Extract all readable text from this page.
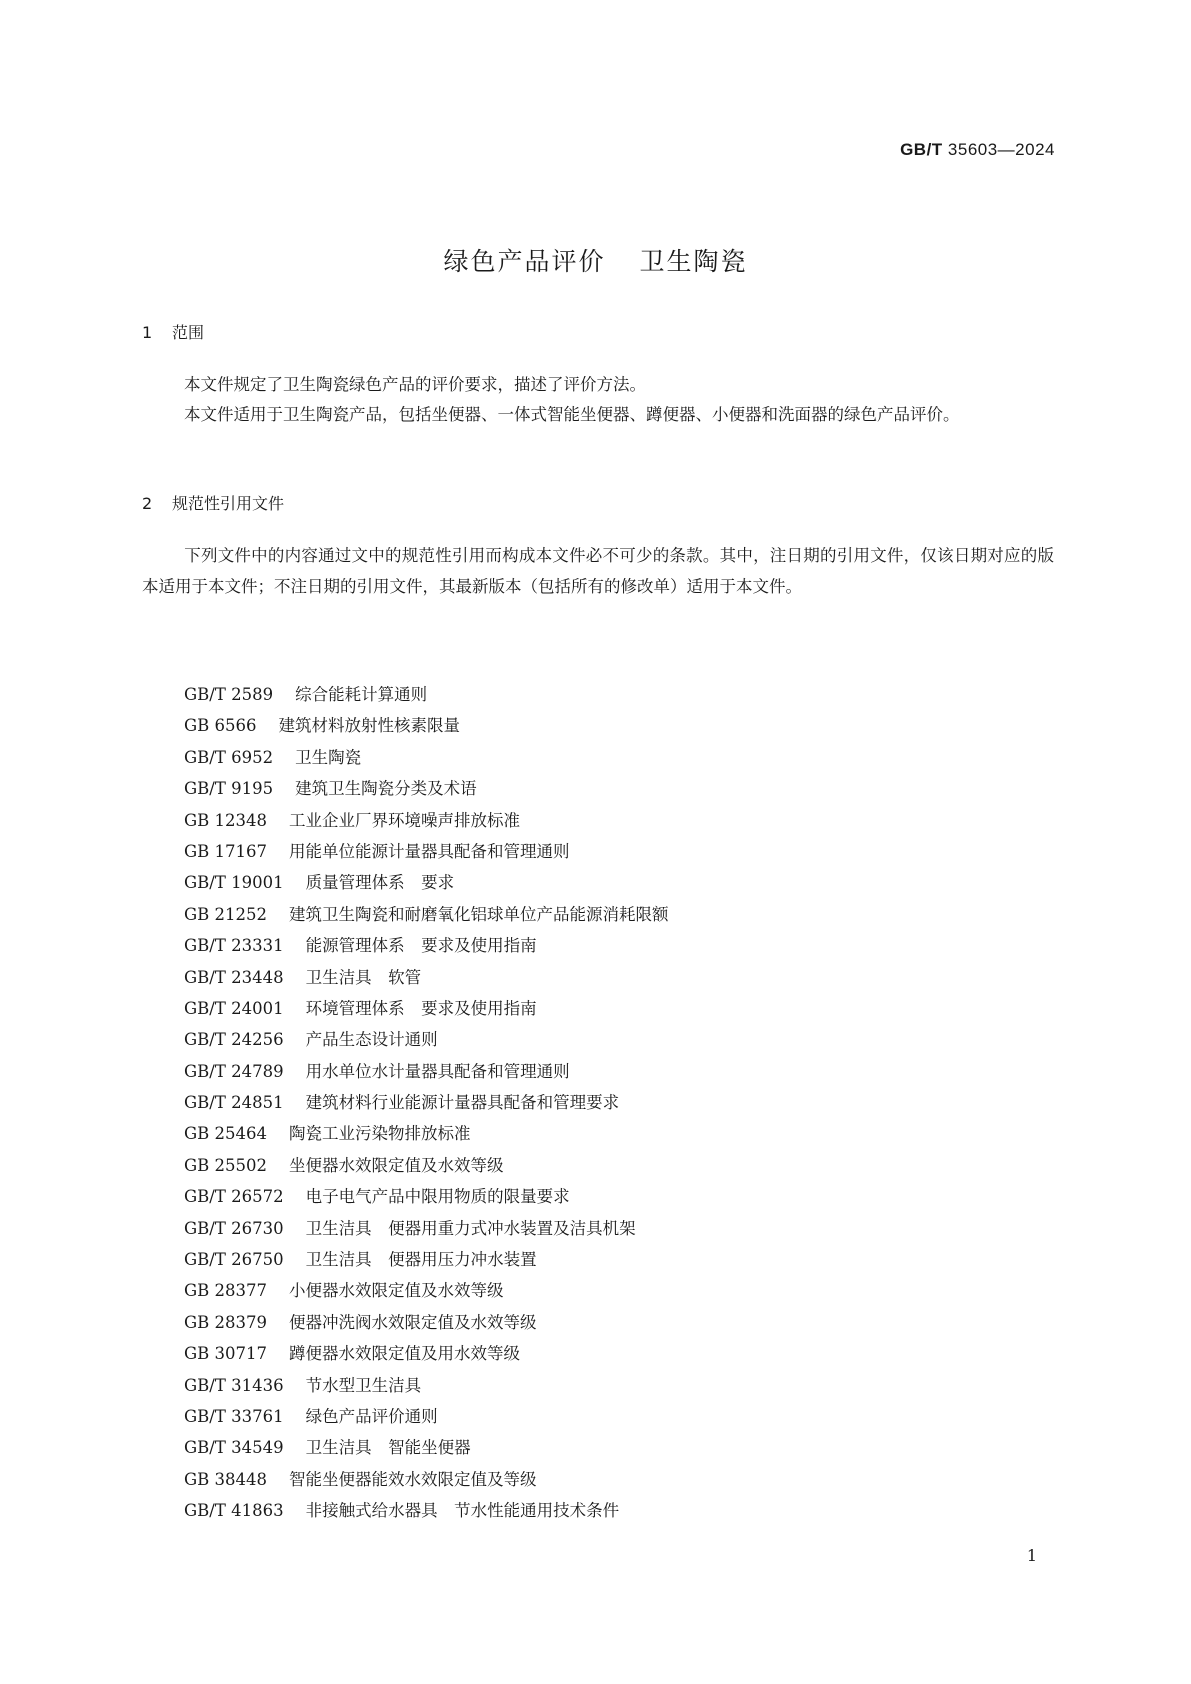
GB/T 35603—2024
绿色产品评价 卫生陶瓷
1 范围
本文件规定了卫生陶瓷绿色产品的评价要求，描述了评价方法。
本文件适用于卫生陶瓷产品，包括坐便器、一体式智能坐便器、蹲便器、小便器和洗面器的绿色产品评价。
2 规范性引用文件
下列文件中的内容通过文中的规范性引用而构成本文件必不可少的条款。其中，注日期的引用文件，仅该日期对应的版本适用于本文件；不注日期的引用文件，其最新版本（包括所有的修改单）适用于本文件。
GB/T 2589 综合能耗计算通则
GB 6566 建筑材料放射性核素限量
GB/T 6952 卫生陶瓷
GB/T 9195 建筑卫生陶瓷分类及术语
GB 12348 工业企业厂界环境噪声排放标准
GB 17167 用能单位能源计量器具配备和管理通则
GB/T 19001 质量管理体系　要求
GB 21252 建筑卫生陶瓷和耐磨氧化铝球单位产品能源消耗限额
GB/T 23331 能源管理体系　要求及使用指南
GB/T 23448 卫生洁具　软管
GB/T 24001 环境管理体系　要求及使用指南
GB/T 24256 产品生态设计通则
GB/T 24789 用水单位水计量器具配备和管理通则
GB/T 24851 建筑材料行业能源计量器具配备和管理要求
GB 25464 陶瓷工业污染物排放标准
GB 25502 坐便器水效限定值及水效等级
GB/T 26572 电子电气产品中限用物质的限量要求
GB/T 26730 卫生洁具　便器用重力式冲水装置及洁具机架
GB/T 26750 卫生洁具　便器用压力冲水装置
GB 28377 小便器水效限定值及水效等级
GB 28379 便器冲洗阀水效限定值及水效等级
GB 30717 蹲便器水效限定值及用水效等级
GB/T 31436 节水型卫生洁具
GB/T 33761 绿色产品评价通则
GB/T 34549 卫生洁具　智能坐便器
GB 38448 智能坐便器能效水效限定值及等级
GB/T 41863 非接触式给水器具　节水性能通用技术条件
1
